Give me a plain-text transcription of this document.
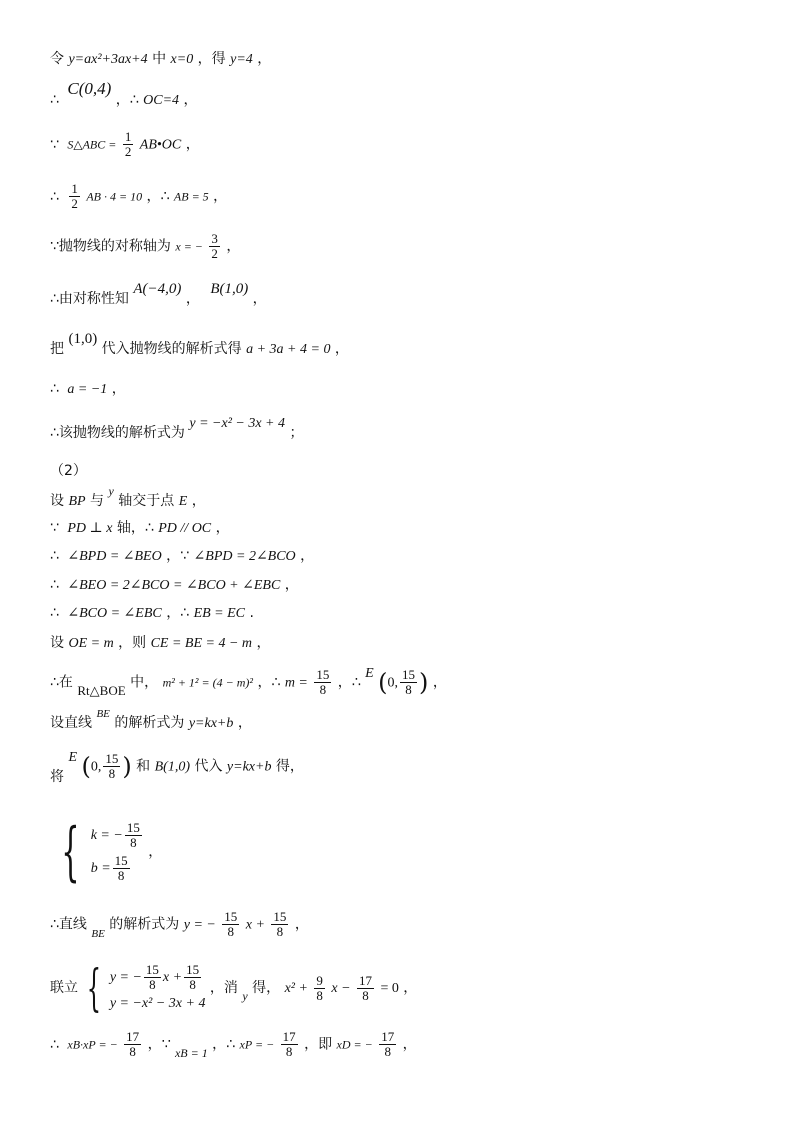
令 y=ax²+3ax+4 中 x=0 ，得 y=4 ，
∴ C(0,4) ，∴ OC=4 ，
∵ S△ABC = $\frac{1}{2}$ AB•OC ，
∴ $\frac{1}{2}$ AB · 4 = 10 ，∴ AB = 5 ，
∵抛物线的对称轴为 x = − $\frac{3}{2}$ ，
∴由对称性知 A(−4,0) ， B(1,0) ，
把 (1,0) 代入抛物线的解析式得 a + 3a + 4 = 0 ，
∴ a = −1 ，
∴该抛物线的解析式为 y = −x² − 3x + 4 ；
（2）
设 BP 与 y 轴交于点 E ，
∵ PD ⊥ x 轴，∴ PD // OC ，
∴ ∠BPD = ∠BEO ，∵ ∠BPD = 2∠BCO ，
∴ ∠BEO = 2∠BCO = ∠BCO + ∠EBC ，
∴ ∠BCO = ∠EBC ，∴ EB = EC .
设 OE = m ，则 CE = BE = 4 − m ，
∴在 Rt△BOE 中， m² + 1² = (4 − m)² ，∴ $m = \frac{15}{8}$ ，∴ E (0, $\frac{15}{8}$ ) ，
设直线 $^{BE}$ 的解析式为 y=kx+b ，
将 E (0, $\frac{15}{8}$ ) 和 B(1,0) 代入 y=kx+b 得，
{ k = − $\frac{15}{8}$
$b = \frac{15}{8}$
，
∴直线 $_{BE}$ 的解析式为 y = − $\frac{15}{8}$ $x + \frac{15}{8}$ ，
联立 { y = − $\frac{15}{8}$ $x + \frac{15}{8}$
y = −x² − 3x + 4
，消 y 得， $x^2 + \frac{9}{8}$ $x - \frac{17}{8} = 0$ ，
∴ xB·xP = − $\frac{17}{8}$ ，∵ xB = 1 ，∴ xP = − $\frac{17}{8}$ ，即 xD = − $\frac{17}{8}$ ，
